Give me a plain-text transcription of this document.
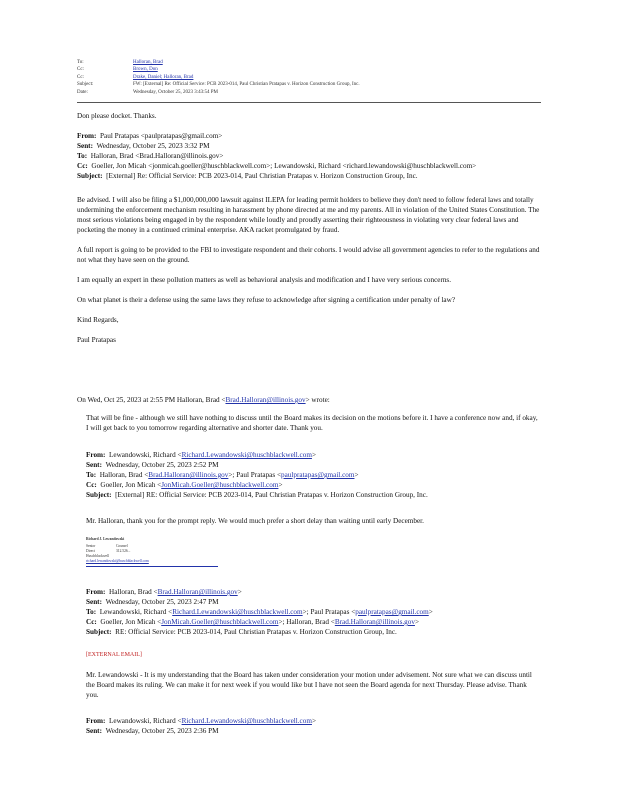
To:	Halloran, Brad
Cc:	Brown, Don
Cc:	Drake, Daniel; Halloran, Brad
Subject:	FW: [External] Re: Official Service: PCB 2023-014, Paul Christian Pratapas v. Horizon Construction Group, Inc.
Date:	Wednesday, October 25, 2023 3:43:54 PM

Don please docket. Thanks.

From: Paul Pratapas <paulpratapas@gmail.com>
Sent: Wednesday, October 25, 2023 3:32 PM
To: Halloran, Brad <Brad.Halloran@illinois.gov>
Cc: Goeller, Jon Micah <jonmicah.goeller@huschblackwell.com>; Lewandowski, Richard <richard.lewandowski@huschblackwell.com>
Subject: [External] Re: Official Service: PCB 2023-014, Paul Christian Pratapas v. Horizon Construction Group, Inc.

Be advised. I will also be filing a $1,000,000,000 lawsuit against ILEPA for leading permit holders to believe they don't need to follow federal laws and totally undermining the enforcement mechanism resulting in harassment by phone directed at me and my parents. All in violation of the United States Constitution. The most serious violations being engaged in by the respondent while loudly and proudly asserting their righteousness in violating very clear federal laws and pocketing the money in a continued criminal enterprise. AKA racket promulgated by fraud.

A full report is going to be provided to the FBI to investigate respondent and their cohorts. I would advise all government agencies to refer to the regulations and not what they have seen on the ground.

I am equally an expert in these pollution matters as well as behavioral analysis and modification and I have very serious concerns.

On what planet is their a defense using the same laws they refuse to acknowledge after signing a certification under penalty of law?

Kind Regards,

Paul Pratapas

On Wed, Oct 25, 2023 at 2:55 PM Halloran, Brad <Brad.Halloran@illinois.gov> wrote:

That will be fine - although we still have nothing to discuss until the Board makes its decision on the motions before it. I have a conference now and, if okay, I will get back to you tomorrow regarding alternative and shorter date. Thank you.

From: Lewandowski, Richard <Richard.Lewandowski@huschblackwell.com>
Sent: Wednesday, October 25, 2023 2:52 PM
To: Halloran, Brad <Brad.Halloran@illinois.gov>; Paul Pratapas <paulpratapas@gmail.com>
Cc: Goeller, Jon Micah <JonMicah.Goeller@huschblackwell.com>
Subject: [External] RE: Official Service: PCB 2023-014, Paul Christian Pratapas v. Horizon Construction Group, Inc.

Mr. Halloran, thank you for the prompt reply. We would much prefer a short delay than waiting until early December.

Richard J. Lewandowski
Senior	Counsel
Direct	312.526...
Huschblackwell
richard.lewandowski@huschblackwell.com
From: Halloran, Brad <Brad.Halloran@illinois.gov>
Sent: Wednesday, October 25, 2023 2:47 PM
To: Lewandowski, Richard <Richard.Lewandowski@huschblackwell.com>; Paul Pratapas <paulpratapas@gmail.com>
Cc: Goeller, Jon Micah <JonMicah.Goeller@huschblackwell.com>; Halloran, Brad <Brad.Halloran@illinois.gov>
Subject: RE: Official Service: PCB 2023-014, Paul Christian Pratapas v. Horizon Construction Group, Inc.
[EXTERNAL EMAIL]

Mr. Lewandowski - It is my understanding that the Board has taken under consideration your motion under advisement. Not sure what we can discuss until the Board makes its ruling. We can make it for next week if you would like but I have not seen the Board agenda for next Thursday. Please advise. Thank you.

From: Lewandowski, Richard <Richard.Lewandowski@huschblackwell.com>
Sent: Wednesday, October 25, 2023 2:36 PM
